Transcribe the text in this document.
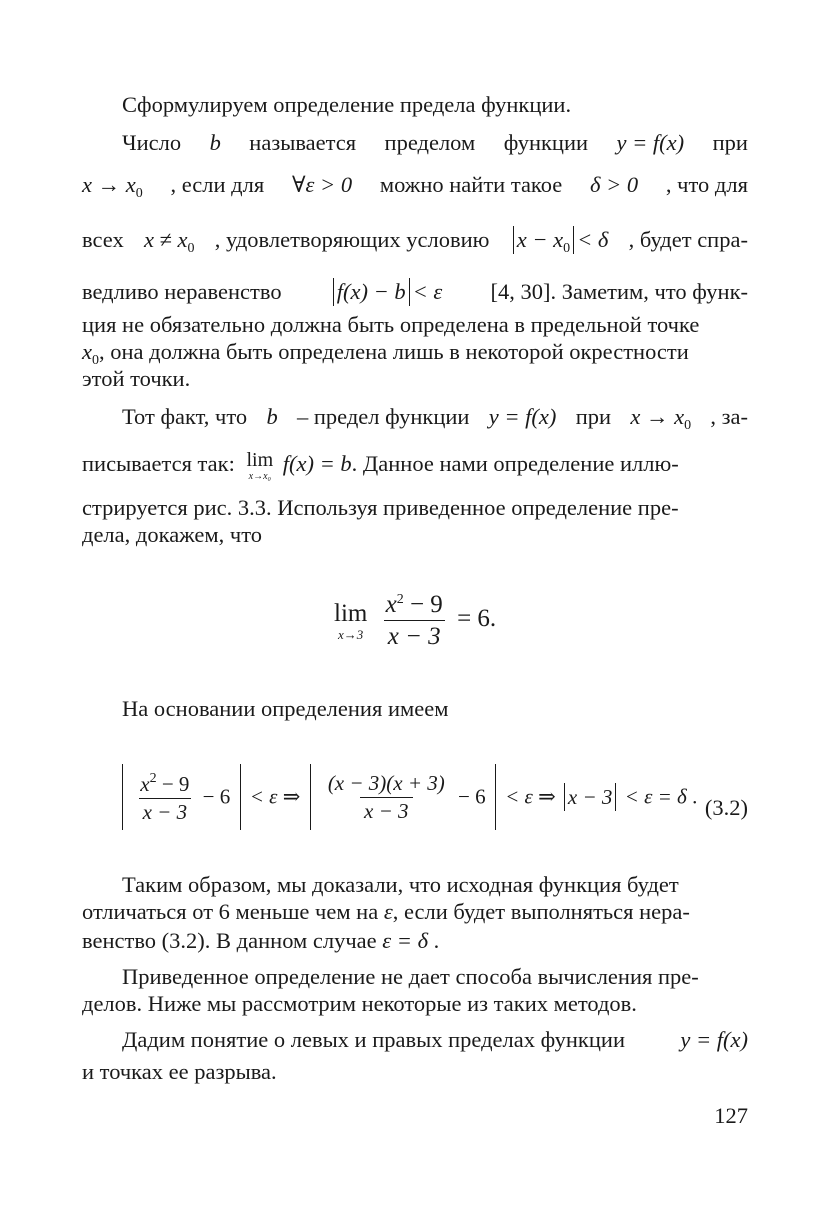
Сформулируем определение предела функции.
Число b называется пределом функции y = f(x) при
$x \to x_0$ , если для ∀ε > 0 можно найти такое δ > 0 , что для
всех $x \ne x_0$ , удовлетворяющих условию	$x - x_0 < \delta$ , будет спра-
ведливо неравенство	f(x) − b < ε [4, 30]. Заметим, что функ-
ция не обязательно должна быть определена в предельной точке
$x_0$, она должна быть определена лишь в некоторой окрестности
этой точки.
Тот факт, что b – предел функции y = f(x) при $x \to x_0$ , за-
писывается так: lim
x→x₀
f(x) = b. Данное нами определение иллю-
стрируется рис. 3.3. Используя приведенное определение пре-
дела, докажем, что
lim
x→3
$\frac{x^2 - 9}{x - 3} = 6$.
На основании определения имеем

$\frac{x^2 - 9}{x - 3} - 6 < \varepsilon$ ⇒ $\frac{(x - 3)(x + 3)}{x - 3} - 6 < \varepsilon$ ⇒ x − 3 < ε = δ . (3.2)
Таким образом, мы доказали, что исходная функция будет
отличаться от 6 меньше чем на ε, если будет выполняться нера-
венство (3.2). В данном случае ε = δ .
Приведенное определение не дает способа вычисления пре-
делов. Ниже мы рассмотрим некоторые из таких методов.
Дадим понятие о левых и правых пределах функции y = f(x)
и точках ее разрыва.
127
